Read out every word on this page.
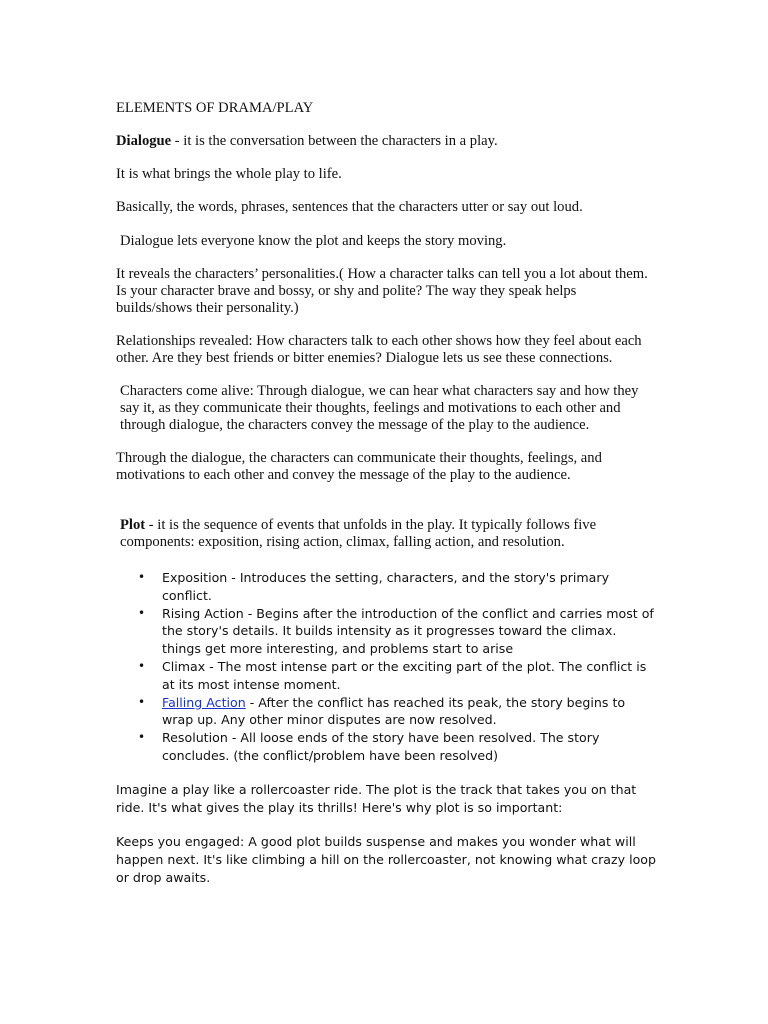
ELEMENTS OF DRAMA/PLAY

Dialogue - it is the conversation between the characters in a play.

It is what brings the whole play to life.

Basically, the words, phrases, sentences that the characters utter or say out loud.

Dialogue lets everyone know the plot and keeps the story moving.

It reveals the characters’ personalities.( How a character talks can tell you a lot about them. Is your character brave and bossy, or shy and polite? The way they speak helps builds/shows their personality.)

Relationships revealed: How characters talk to each other shows how they feel about each other. Are they best friends or bitter enemies? Dialogue lets us see these connections.

Characters come alive: Through dialogue, we can hear what characters say and how they say it, as they communicate their thoughts, feelings and motivations to each other and through dialogue, the characters convey the message of the play to the audience.

Through the dialogue, the characters can communicate their thoughts, feelings, and motivations to each other and convey the message of the play to the audience.

Plot - it is the sequence of events that unfolds in the play. It typically follows five components: exposition, rising action, climax, falling action, and resolution.

• Exposition - Introduces the setting, characters, and the story's primary conflict.
• Rising Action - Begins after the introduction of the conflict and carries most of the story's details. It builds intensity as it progresses toward the climax. things get more interesting, and problems start to arise
• Climax - The most intense part or the exciting part of the plot. The conflict is at its most intense moment.
• Falling Action - After the conflict has reached its peak, the story begins to wrap up. Any other minor disputes are now resolved.
• Resolution - All loose ends of the story have been resolved. The story concludes. (the conflict/problem have been resolved)

Imagine a play like a rollercoaster ride. The plot is the track that takes you on that ride. It's what gives the play its thrills! Here's why plot is so important:

Keeps you engaged: A good plot builds suspense and makes you wonder what will happen next. It's like climbing a hill on the rollercoaster, not knowing what crazy loop or drop awaits.
